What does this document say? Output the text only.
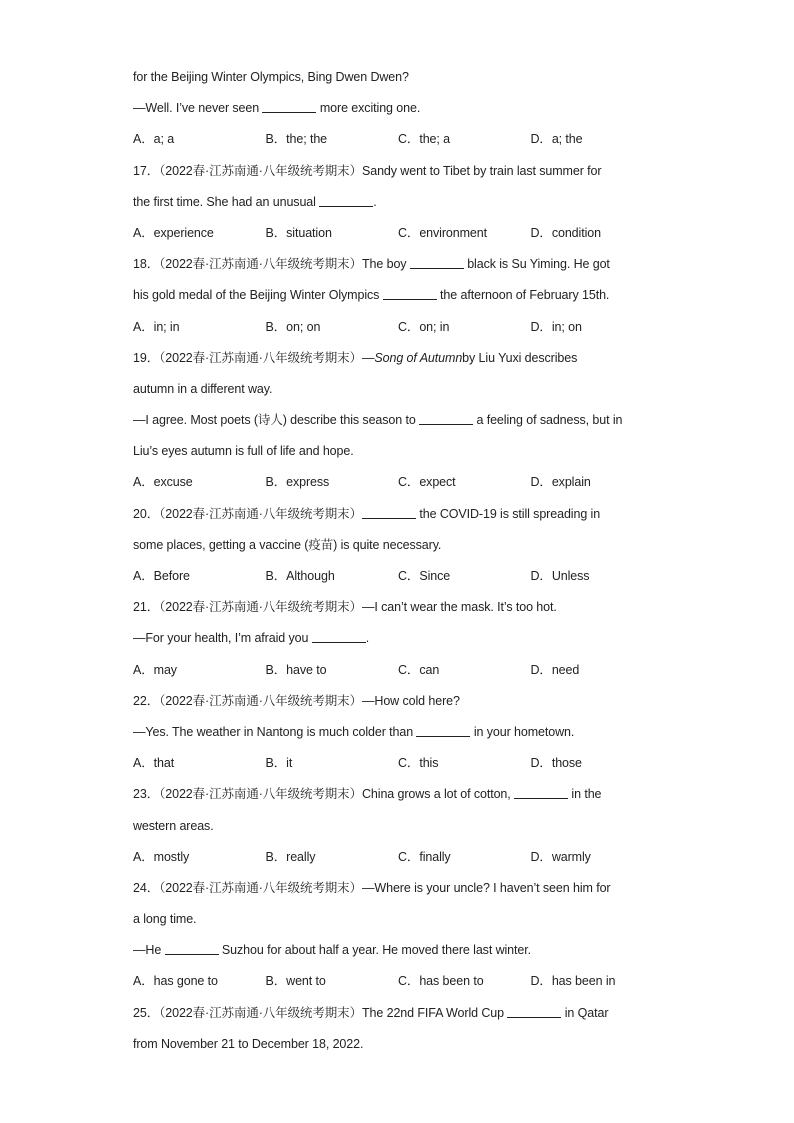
for the Beijing Winter Olympics, Bing Dwen Dwen?
—Well. I’ve never seen	more exciting one.
A．a; a	B．the; the	C．the; a	D．a; the
17．（2022春·江苏南通·八年级统考期末）Sandy went to Tibet by train last summer for
the first time. She had an unusual	.
A．experience	B．situation	C．environment	D．condition
18．（2022春·江苏南通·八年级统考期末）The boy	black is Su Yiming. He got
his gold medal of the Beijing Winter Olympics	the afternoon of February 15th.
A．in; in	B．on; on	C．on; in	D．in; on
19．（2022春·江苏南通·八年级统考期末）—Song of Autumnby Liu Yuxi describes
autumn in a different way.
—I agree. Most poets (诗人) describe this season to	a feeling of sadness, but in
Liu’s eyes autumn is full of life and hope.
A．excuse	B．express	C．expect	D．explain
20．（2022春·江苏南通·八年级统考期末）	the COVID-19 is still spreading in
some places, getting a vaccine (疫苗) is quite necessary.
A．Before	B．Although	C．Since	D．Unless
21．（2022春·江苏南通·八年级统考期末）—I can’t wear the mask. It’s too hot.
—For your health, I’m afraid you	.
A．may	B．have to	C．can	D．need
22．（2022春·江苏南通·八年级统考期末）—How cold here?
—Yes. The weather in Nantong is much colder than	in your hometown.
A．that	B．it	C．this	D．those
23．（2022春·江苏南通·八年级统考期末）China grows a lot of cotton,	in the
western areas.
A．mostly	B．really	C．finally	D．warmly
24．（2022春·江苏南通·八年级统考期末）—Where is your uncle? I haven’t seen him for
a long time.
—He	Suzhou for about half a year. He moved there last winter.
A．has gone to	B．went to	C．has been to	D．has been in
25．（2022春·江苏南通·八年级统考期末）The 22nd FIFA World Cup	in Qatar
from November 21 to December 18, 2022.
